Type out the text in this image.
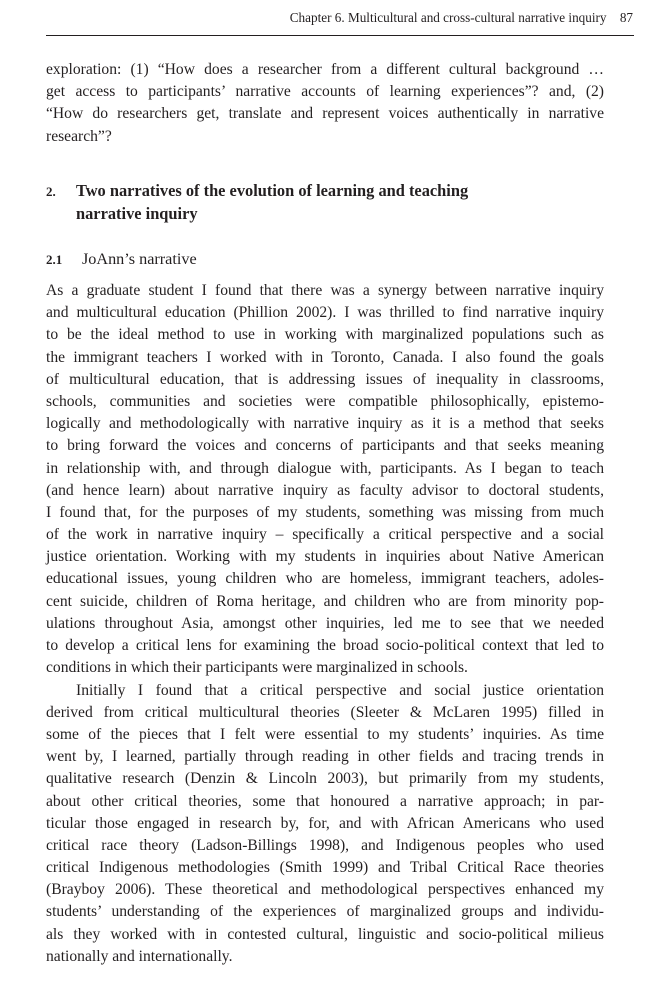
Chapter 6. Multicultural and cross-cultural narrative inquiry 87
exploration: (1) “How does a researcher from a different cultural background …
get access to participants’ narrative accounts of learning experiences”? and, (2)
“How do researchers get, translate and represent voices authentically in narrative
research”?
2. Two narratives of the evolution of learning and teaching
narrative inquiry
2.1 JoAnn’s narrative
As a graduate student I found that there was a synergy between narrative inquiry
and multicultural education (Phillion 2002). I was thrilled to find narrative inquiry
to be the ideal method to use in working with marginalized populations such as
the immigrant teachers I worked with in Toronto, Canada. I also found the goals
of multicultural education, that is addressing issues of inequality in classrooms,
schools, communities and societies were compatible philosophically, epistemo-
logically and methodologically with narrative inquiry as it is a method that seeks
to bring forward the voices and concerns of participants and that seeks meaning
in relationship with, and through dialogue with, participants. As I began to teach
(and hence learn) about narrative inquiry as faculty advisor to doctoral students,
I found that, for the purposes of my students, something was missing from much
of the work in narrative inquiry – specifically a critical perspective and a social
justice orientation. Working with my students in inquiries about Native American
educational issues, young children who are homeless, immigrant teachers, adoles-
cent suicide, children of Roma heritage, and children who are from minority pop-
ulations throughout Asia, amongst other inquiries, led me to see that we needed
to develop a critical lens for examining the broad socio-political context that led to
conditions in which their participants were marginalized in schools.
Initially I found that a critical perspective and social justice orientation
derived from critical multicultural theories (Sleeter & McLaren 1995) filled in
some of the pieces that I felt were essential to my students’ inquiries. As time
went by, I learned, partially through reading in other fields and tracing trends in
qualitative research (Denzin & Lincoln 2003), but primarily from my students,
about other critical theories, some that honoured a narrative approach; in par-
ticular those engaged in research by, for, and with African Americans who used
critical race theory (Ladson-Billings 1998), and Indigenous peoples who used
critical Indigenous methodologies (Smith 1999) and Tribal Critical Race theories
(Brayboy 2006). These theoretical and methodological perspectives enhanced my
students’ understanding of the experiences of marginalized groups and individu-
als they worked with in contested cultural, linguistic and socio-political milieus
nationally and internationally.
